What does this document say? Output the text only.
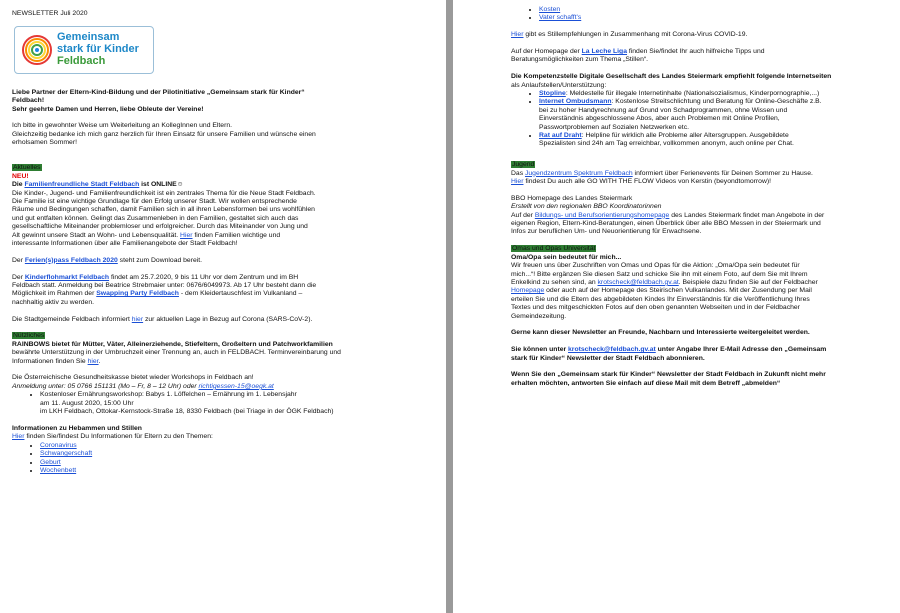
NEWSLETTER Juli 2020

Gemeinsam
stark für Kinder
Feldbach

Liebe Partner der Eltern-Kind-Bildung und der Pilotinitiative „Gemeinsam stark für Kinder“

Feldbach!

Sehr geehrte Damen und Herren, liebe Obleute der Vereine!

Ich bitte in gewohnter Weise um Weiterleitung an KollegInnen und Eltern.

Gleichzeitig bedanke ich mich ganz herzlich für Ihren Einsatz für unsere Familien und wünsche einen

erholsamen Sommer!

Aktuelles

NEU!

Die Familienfreundliche Stadt Feldbach ist ONLINE☺

Die Kinder-, Jugend- und Familienfreundlichkeit ist ein zentrales Thema für die Neue Stadt Feldbach.

Die Familie ist eine wichtige Grundlage für den Erfolg unserer Stadt. Wir wollen entsprechende

Räume und Bedingungen schaffen, damit Familien sich in all ihren Lebensformen bei uns wohlfühlen

und gut entfalten können. Gelingt das Zusammenleben in den Familien, gestaltet sich auch das

gesellschaftliche Miteinander problemloser und erfolgreicher. Durch das Miteinander von Jung und

Alt gewinnt unsere Stadt an Wohn- und Lebensqualität. Hier finden Familien wichtige und

interessante Informationen über alle Familienangebote der Stadt Feldbach!

Der Ferien(s)pass Feldbach 2020 steht zum Download bereit.

Der Kinderflohmarkt Feldbach findet am 25.7.2020, 9 bis 11 Uhr vor dem Zentrum und im BH

Feldbach statt. Anmeldung bei Beatrice Strebmaier unter: 0676/6049973. Ab 17 Uhr besteht dann die

Möglichkeit im Rahmen der Swapping Party Feldbach - dem Kleidertauschfest im Vulkanland –

nachhaltig aktiv zu werden.

Die Stadtgemeinde Feldbach informiert hier zur aktuellen Lage in Bezug auf Corona (SARS-CoV-2).

Nützliches

RAINBOWS bietet für Mütter, Väter, Alleinerziehende, Stiefeltern, Großeltern und Patchworkfamilien

bewährte Unterstützung in der Umbruchzeit einer Trennung an, auch in FELDBACH. Terminvereinbarung und

Informationen finden Sie hier.

Die Österreichische Gesundheitskasse bietet wieder Workshops in Feldbach an!

Anmeldung unter: 05 0766 151131 (Mo – Fr, 8 – 12 Uhr) oder richtigessen-15@oegk.at

• Kostenloser Ernährungsworkshop: Babys 1. Löffelchen – Ernährung im 1. Lebensjahr
am 11. August 2020, 15:00 Uhr
im LKH Feldbach, Ottokar-Kernstock-Straße 18, 8330 Feldbach (bei Triage in der ÖGK Feldbach)

Informationen zu Hebammen und Stillen

Hier finden Sie/findest Du Informationen für Eltern zu den Themen:

• Coronavirus
• Schwangerschaft
• Geburt
• Wochenbett
• Kosten
• Vater schafft's

Hier gibt es Stillempfehlungen in Zusammenhang mit Corona-Virus COVID-19.

Auf der Homepage der La Leche Liga finden Sie/findet Ihr auch hilfreiche Tipps und

Beratungsmöglichkeiten zum Thema „Stillen“.

Die Kompetenzstelle Digitale Gesellschaft des Landes Steiermark empfiehlt folgende Internetseiten

als Anlaufstellen/Unterstützung:

• Stopline: Meldestelle für illegale Internetinhalte (Nationalsozialismus, Kinderpornographie,...)
• Internet Ombudsmann: Kostenlose Streitschlichtung und Beratung für Online-Geschäfte z.B.
bei zu hoher Handyrechnung auf Grund von Schadprogrammen, ohne Wissen und
Einverständnis abgeschlossene Abos, aber auch Problemen mit Online Profilen,
Passwortproblemen auf Sozialen Netzwerken etc.
• Rat auf Draht: Helpline für wirklich alle Probleme aller Altersgruppen. Ausgebildete
Spezialisten sind 24h am Tag erreichbar, vollkommen anonym, auch online per Chat.

Jugend

Das Jugendzentrum Spektrum Feldbach informiert über Ferienevents für Deinen Sommer zu Hause.

Hier findest Du auch alle GO WITH THE FLOW Videos von Kerstin (beyondtomorrow)!

BBO Homepage des Landes Steiermark

Erstellt von den regionalen BBO Koordinatorinnen

Auf der Bildungs- und Berufsorientierungshomepage des Landes Steiermark findet man Angebote in der

eigenen Region, Eltern-Kind-Beratungen, einen Überblick über alle BBO Messen in der Steiermark und

Infos zur beruflichen Um- und Neuorientierung für Erwachsene.

Omas und Opas Universität

Oma/Opa sein bedeutet für mich...

Wir freuen uns über Zuschriften von Omas und Opas für die Aktion: „Oma/Opa sein bedeutet für

mich...“! Bitte ergänzen Sie diesen Satz und schicke Sie ihn mit einem Foto, auf dem Sie mit Ihrem

Enkelkind zu sehen sind, an krotscheck@feldbach.gv.at. Beispiele dazu finden Sie auf der Feldbacher

Homepage oder auch auf der Homepage des Steirischen Vulkanlandes. Mit der Zusendung per Mail

erteilen Sie und die Eltern des abgebildeten Kindes Ihr Einverständnis für die Veröffentlichung Ihres

Textes und des mitgeschickten Fotos auf den oben genannten Webseiten und in der Feldbacher

Gemeindezeitung.

Gerne kann dieser Newsletter an Freunde, Nachbarn und Interessierte weitergeleitet werden.

Sie können unter krotscheck@feldbach.gv.at unter Angabe Ihrer E-Mail Adresse den „Gemeinsam

stark für Kinder“ Newsletter der Stadt Feldbach abonnieren.

Wenn Sie den „Gemeinsam stark für Kinder“ Newsletter der Stadt Feldbach in Zukunft nicht mehr

erhalten möchten, antworten Sie einfach auf diese Mail mit dem Betreff „abmelden“
